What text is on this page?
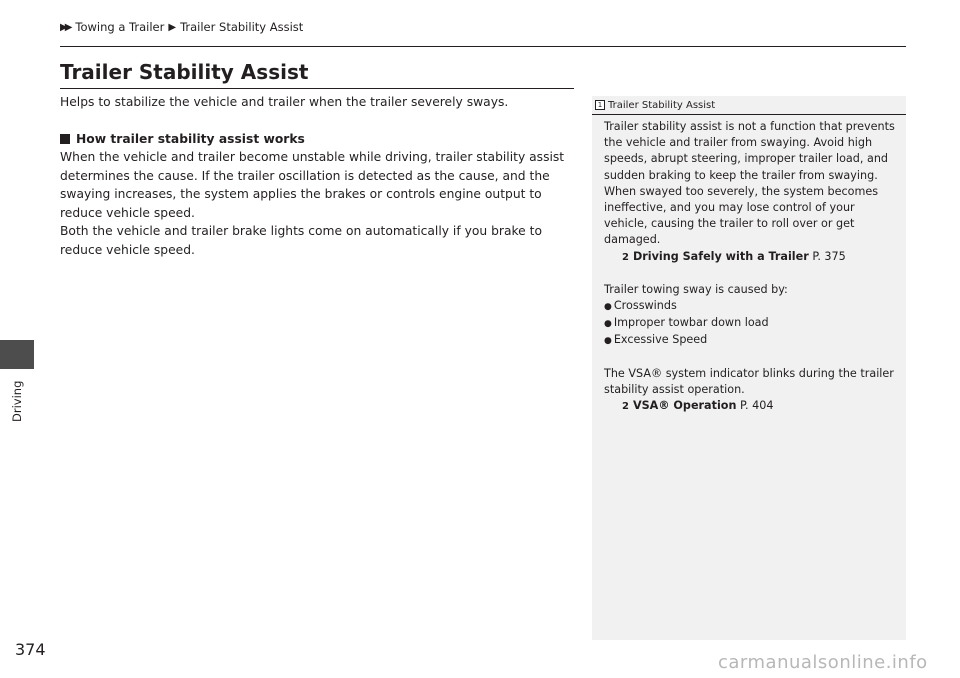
▶▶ Towing a Trailer ▶ Trailer Stability Assist
Driving
Trailer Stability Assist

Helps to stabilize the vehicle and trailer when the trailer severely sways.

How trailer stability assist works

When the vehicle and trailer become unstable while driving, trailer stability assist determines the cause. If the trailer oscillation is detected as the cause, and the swaying increases, the system applies the brakes or controls engine output to reduce vehicle speed.

Both the vehicle and trailer brake lights come on automatically if you brake to reduce vehicle speed.

1 Trailer Stability Assist

Trailer stability assist is not a function that prevents the vehicle and trailer from swaying. Avoid high speeds, abrupt steering, improper trailer load, and sudden braking to keep the trailer from swaying. When swayed too severely, the system becomes ineffective, and you may lose control of your vehicle, causing the trailer to roll over or get damaged.

2 Driving Safely with a Trailer P. 375

Trailer towing sway is caused by:

● Crosswinds

● Improper towbar down load

● Excessive Speed

The VSA® system indicator blinks during the trailer stability assist operation.

2 VSA® Operation P. 404

374
carmanualsonline.info
